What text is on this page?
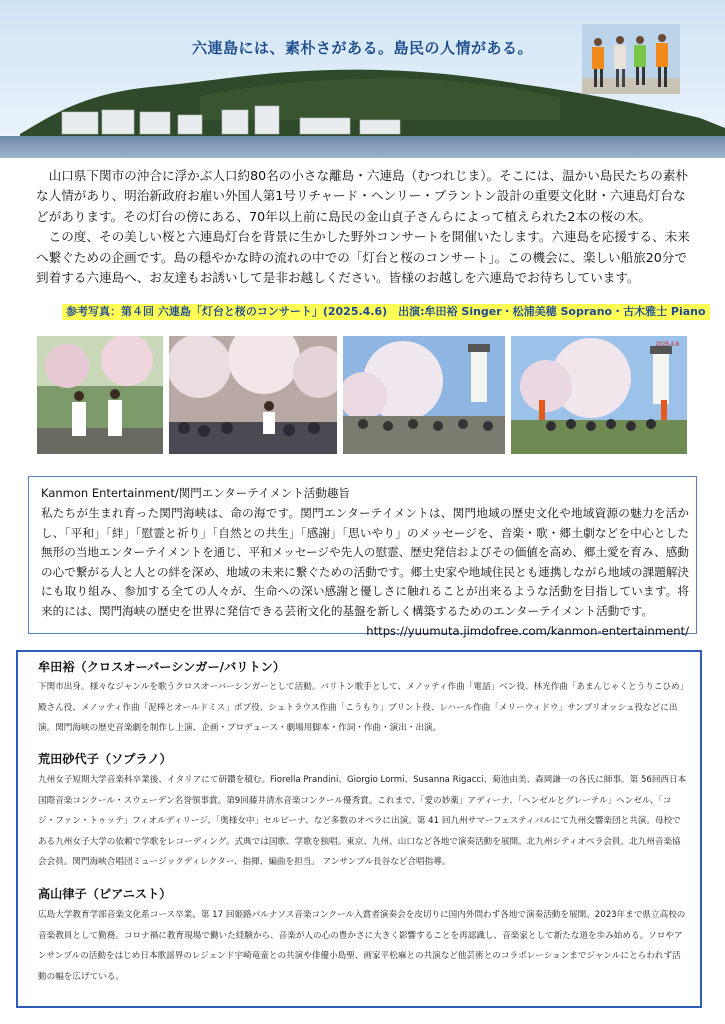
六連島には、素朴さがある。島民の人情がある。

山口県下関市の沖合に浮かぶ人口約80名の小さな離島・六連島（むつれじま）。そこには、温かい島民たちの素朴な人情があり、明治新政府お雇い外国人第1号リチャード・ヘンリー・ブラントン設計の重要文化財・六連島灯台などがあります。その灯台の傍にある、70年以上前に島民の金山貞子さんらによって植えられた2本の桜の木。

この度、その美しい桜と六連島灯台を背景に生かした野外コンサートを開催いたします。六連島を応援する、未来へ繋ぐための企画です。島の穏やかな時の流れの中での「灯台と桜のコンサート」。この機会に、楽しい船旅20分で到着する六連島へ、お友達もお誘いして是非お越しください。皆様のお越しを六連島でお待ちしています。

参考写真：第４回 六連島「灯台と桜のコンサート」(2025.4.6)　出演:牟田裕 Singer・松浦美穂 Soprano・古木雅士 Piano
2025.4.6
Kanmon Entertainment/関門エンターテイメント活動趣旨
私たちが生まれ育った関門海峡は、命の海です。関門エンターテイメントは、関門地域の歴史文化や地域資源の魅力を活かし、「平和」「絆」「慰霊と祈り」「自然との共生」「感謝」「思いやり」のメッセージを、音楽・歌・郷土劇などを中心とした無形の当地エンターテイメントを通じ、平和メッセージや先人の慰霊、歴史発信およびその価値を高め、郷土愛を育み、感動の心で繋がる人と人との絆を深め、地域の未来に繋ぐための活動です。郷土史家や地域住民とも連携しながら地域の課題解決にも取り組み、参加する全ての人々が、生命への深い感謝と優しさに触れることが出来るような活動を目指しています。将来的には、関門海峡の歴史を世界に発信できる芸術文化的基盤を新しく構築するためのエンターテイメント活動です。
https://yuumuta.jimdofree.com/kanmon-entertainment/
牟田裕（クロスオーバーシンガー/バリトン）
下関市出身。様々なジャンルを歌うクロスオーバーシンガーとして活動。バリトン歌手として、メノッティ作曲「電話」ベン役、林光作曲「あまんじゃくとうりこひめ」殿さん役、メノッティ作曲「泥棒とオールドミス」ボブ役、シュトラウス作曲「こうもり」ブリント役、レハール作曲「メリーウィドウ」サンブリオッシュ役などに出演。関門海峡の歴史音楽劇を制作し上演、企画・プロデュース・劇場用脚本・作詞・作曲・演出・出演。
荒田砂代子（ソプラノ）
九州女子短期大学音楽科卒業後、イタリアにて研鑽を積む。Fiorella Prandini、Giorgio Lormi、Susanna Rigacci、菊池由美、森岡謙一の各氏に師事。第 56回西日本国際音楽コンクール・スウェーデン名誉領事賞。第9回藤井清水音楽コンクール優秀賞。これまで、「愛の妙薬」アディーナ、「ヘンゼルとグレーテル」ヘンゼル、「コジ・ファン・トゥッテ」フィオルディリージ、「奥様女中」セルピーナ、など多数のオペラに出演。第 41 回九州サマーフェスティバルにて九州交響楽団と共演。母校である九州女子大学の依頼で学歌をレコーディング。式典では国歌、学歌を独唱。東京、九州、山口など各地で演奏活動を展開。北九州シティオペラ会員。北九州音楽協会会員。関門海峡合唱団ミュージックディレクター、指揮、編曲を担当。 アンサンブル長谷など合唱指導。
高山律子（ピアニスト）
広島大学教育学部音楽文化系コース卒業。第 17 回姫路パルナソス音楽コンクール入賞者演奏会を皮切りに国内外問わず各地で演奏活動を展開。2023年まで県立高校の音楽教員として勤務。コロナ禍に教育現場で働いた経験から、音楽が人の心の豊かさに大きく影響することを再認識し、音楽家として新たな道を歩み始める。ソロやアンサンブルの活動をはじめ日本歌謡界のレジェンド宇崎竜童との共演や俳優小島聖、画家平松麻との共演など他芸術とのコラボレーションまでジャンルにとらわれず活動の幅を広げている。
